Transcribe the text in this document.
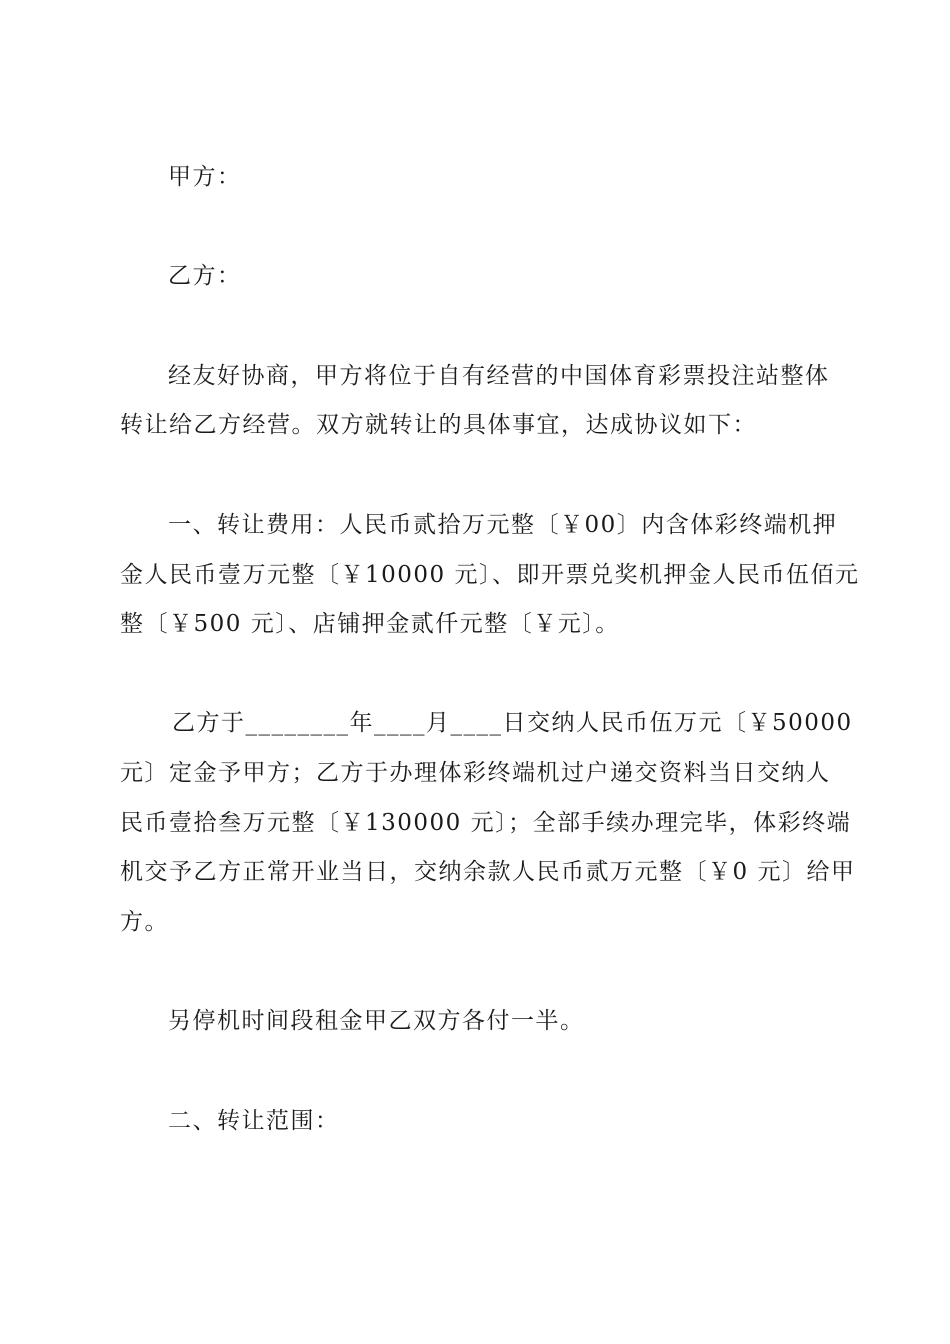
甲方：
乙方：
经友好协商，甲方将位于自有经营的中国体育彩票投注站整体
转让给乙方经营。双方就转让的具体事宜，达成协议如下：
一、转让费用：人民币贰拾万元整〔￥00〕内含体彩终端机押
金人民币壹万元整〔￥10000 元〕、即开票兑奖机押金人民币伍佰元
整〔￥500 元〕、店铺押金贰仟元整〔￥元〕。
乙方于________年____月____日交纳人民币伍万元〔￥50000
元〕定金予甲方；乙方于办理体彩终端机过户递交资料当日交纳人
民币壹拾叁万元整〔￥130000 元〕；全部手续办理完毕，体彩终端
机交予乙方正常开业当日，交纳余款人民币贰万元整〔￥0 元〕给甲
方。
另停机时间段租金甲乙双方各付一半。
二、转让范围：
